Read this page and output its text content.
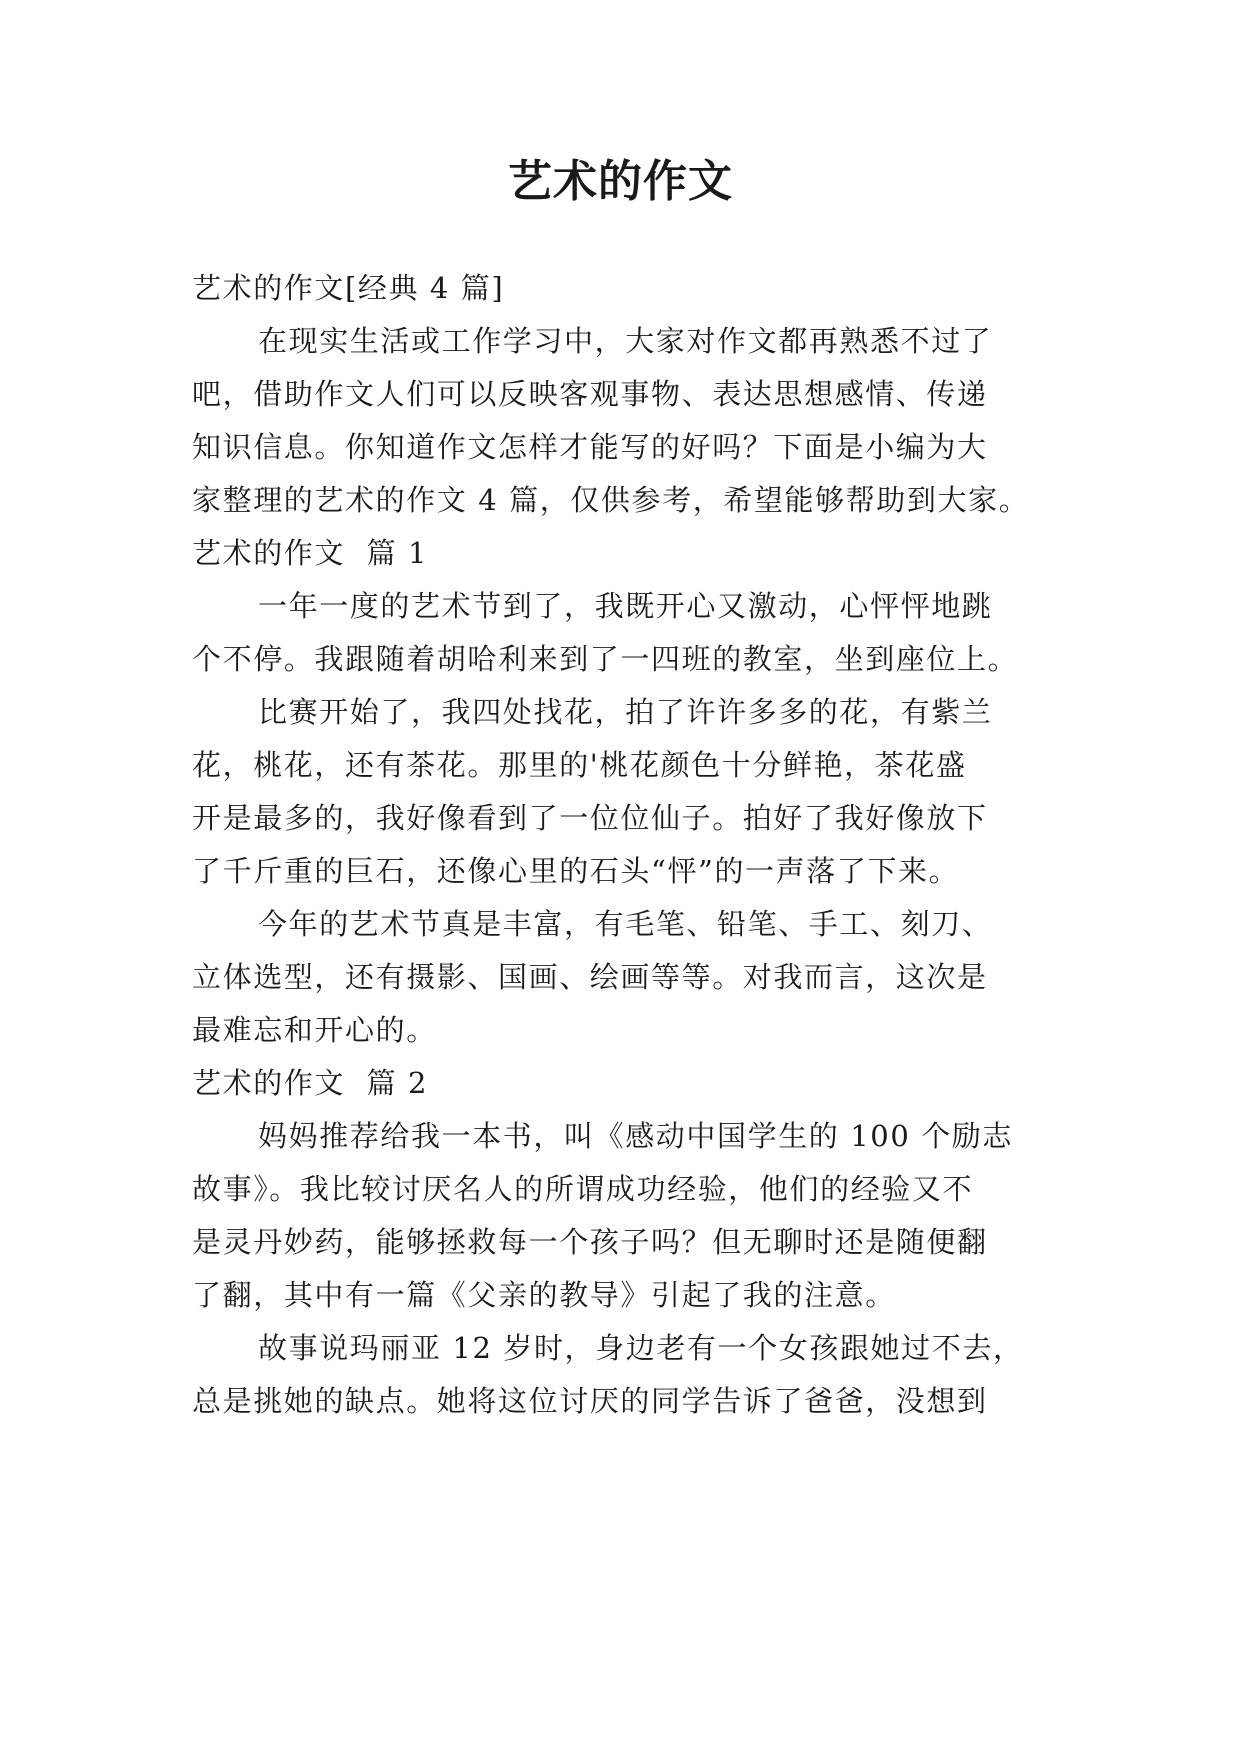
艺术的作文
艺术的作文[经典 4 篇]
在现实生活或工作学习中，大家对作文都再熟悉不过了
吧，借助作文人们可以反映客观事物、表达思想感情、传递
知识信息。你知道作文怎样才能写的好吗？下面是小编为大
家整理的艺术的作文 4 篇，仅供参考，希望能够帮助到大家。
艺术的作文  篇 1
一年一度的艺术节到了，我既开心又激动，心怦怦地跳
个不停。我跟随着胡哈利来到了一四班的教室，坐到座位上。
比赛开始了，我四处找花，拍了许许多多的花，有紫兰
花，桃花，还有茶花。那里的'桃花颜色十分鲜艳，茶花盛
开是最多的，我好像看到了一位位仙子。拍好了我好像放下
了千斤重的巨石，还像心里的石头“怦”的一声落了下来。
今年的艺术节真是丰富，有毛笔、铅笔、手工、刻刀、
立体选型，还有摄影、国画、绘画等等。对我而言，这次是
最难忘和开心的。
艺术的作文  篇 2
妈妈推荐给我一本书，叫《感动中国学生的 100 个励志
故事》。我比较讨厌名人的所谓成功经验，他们的经验又不
是灵丹妙药，能够拯救每一个孩子吗？但无聊时还是随便翻
了翻，其中有一篇《父亲的教导》引起了我的注意。
故事说玛丽亚 12 岁时，身边老有一个女孩跟她过不去，
总是挑她的缺点。她将这位讨厌的同学告诉了爸爸，没想到
